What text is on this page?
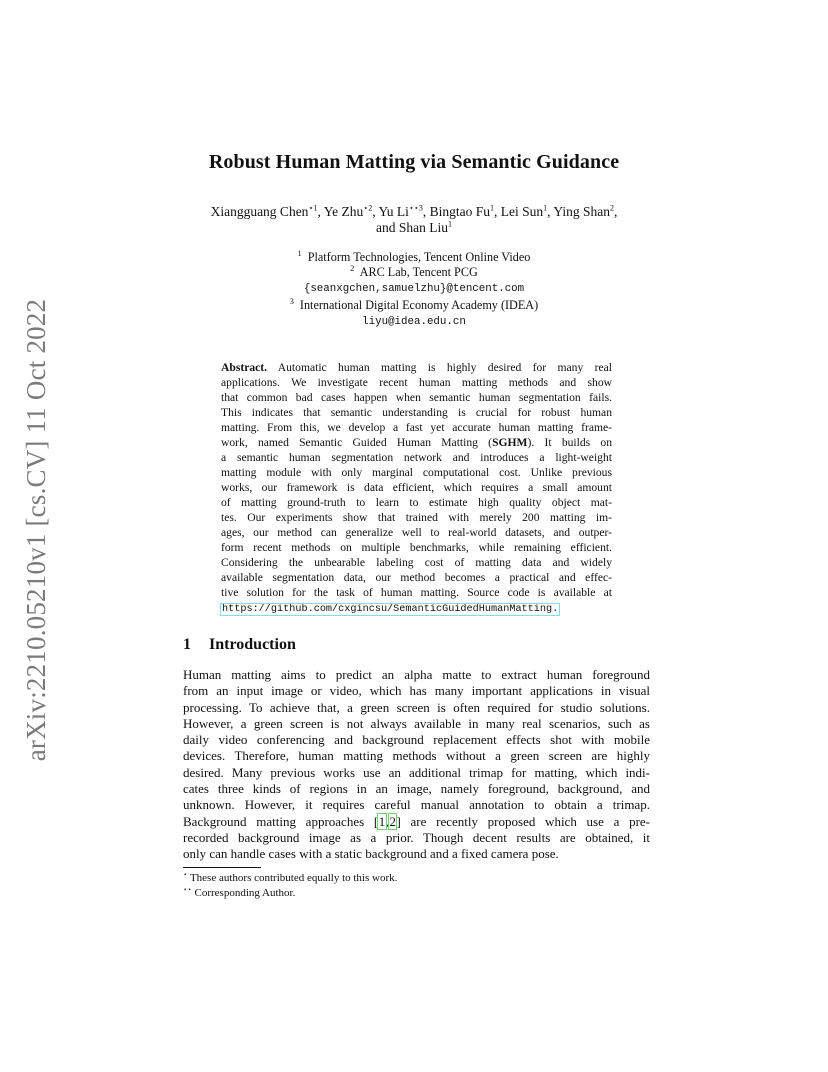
arXiv:2210.05210v1 [cs.CV] 11 Oct 2022
Robust Human Matting via Semantic Guidance
Xiangguang Chen$^{⋆1}$, Ye Zhu$^{⋆2}$, Yu $Li^{⋆⋆3}$, Bingtao Fu$^1$, Lei Sun$^1$, Ying Shan$^2$,
and Shan Liu$^1$
$^1$ Platform Technologies, Tencent Online Video
$^2$ ARC Lab, Tencent PCG
{seanxgchen,samuelzhu}@tencent.com
$^3$ International Digital Economy Academy (IDEA)
liyu@idea.edu.cn
Abstract. Automatic human matting is highly desired for many real
applications. We investigate recent human matting methods and show
that common bad cases happen when semantic human segmentation fails.
This indicates that semantic understanding is crucial for robust human
matting. From this, we develop a fast yet accurate human matting frame-
work, named Semantic Guided Human Matting (SGHM). It builds on
a semantic human segmentation network and introduces a light-weight
matting module with only marginal computational cost. Unlike previous
works, our framework is data efficient, which requires a small amount
of matting ground-truth to learn to estimate high quality object mat-
tes. Our experiments show that trained with merely 200 matting im-
ages, our method can generalize well to real-world datasets, and outper-
form recent methods on multiple benchmarks, while remaining efficient.
Considering the unbearable labeling cost of matting data and widely
available segmentation data, our method becomes a practical and effec-
tive solution for the task of human matting. Source code is available at
https://github.com/cxgincsu/SemanticGuidedHumanMatting.
1 Introduction
Human matting aims to predict an alpha matte to extract human foreground
from an input image or video, which has many important applications in visual
processing. To achieve that, a green screen is often required for studio solutions.
However, a green screen is not always available in many real scenarios, such as
daily video conferencing and background replacement effects shot with mobile
devices. Therefore, human matting methods without a green screen are highly
desired. Many previous works use an additional trimap for matting, which indi-
cates three kinds of regions in an image, namely foreground, background, and
unknown. However, it requires careful manual annotation to obtain a trimap.
Background matting approaches [1,2] are recently proposed which use a pre-
recorded background image as a prior. Though decent results are obtained, it
only can handle cases with a static background and a fixed camera pose.
⋆ These authors contributed equally to this work.
⋆⋆ Corresponding Author.
